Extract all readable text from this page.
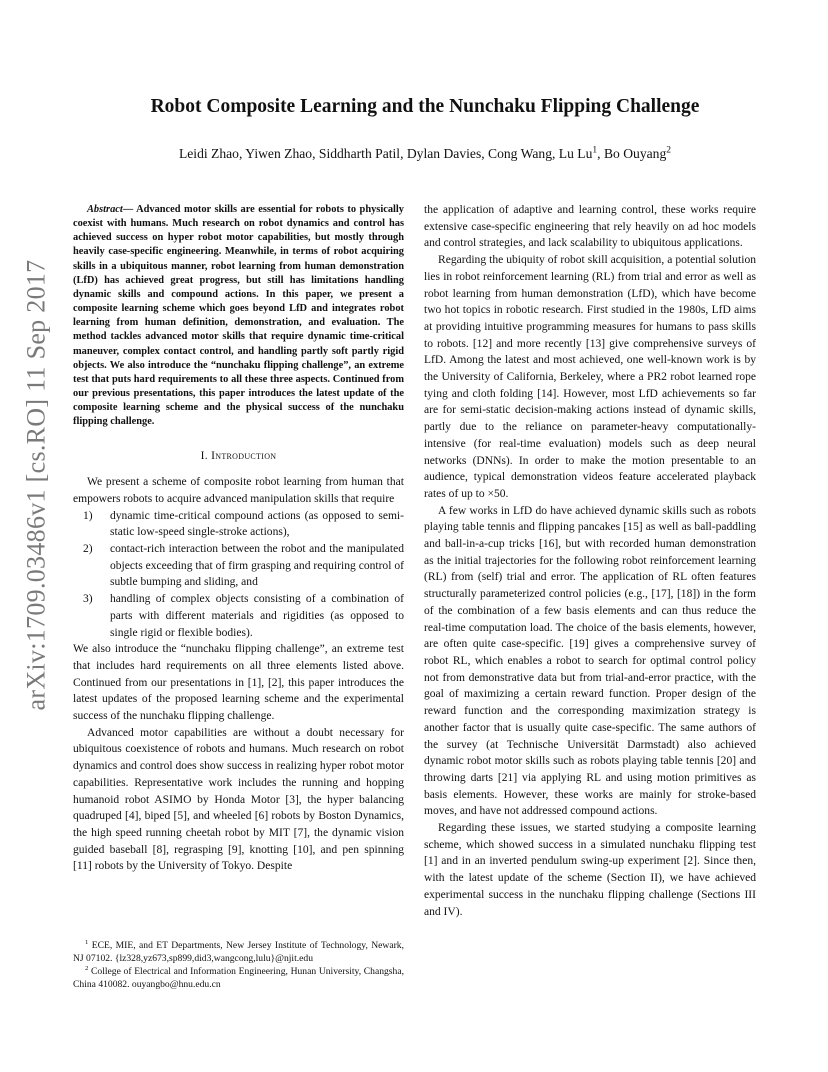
arXiv:1709.03486v1 [cs.RO] 11 Sep 2017
Robot Composite Learning and the Nunchaku Flipping Challenge
Leidi Zhao, Yiwen Zhao, Siddharth Patil, Dylan Davies, Cong Wang, Lu Lu$^1$, Bo Ouyang$^2$

Abstract— Advanced motor skills are essential for robots to physically coexist with humans. Much research on robot dynamics and control has achieved success on hyper robot motor capabilities, but mostly through heavily case-specific engineering. Meanwhile, in terms of robot acquiring skills in a ubiquitous manner, robot learning from human demonstration (LfD) has achieved great progress, but still has limitations handling dynamic skills and compound actions. In this paper, we present a composite learning scheme which goes beyond LfD and integrates robot learning from human definition, demonstration, and evaluation. The method tackles advanced motor skills that require dynamic time-critical maneuver, complex contact control, and handling partly soft partly rigid objects. We also introduce the “nunchaku flipping challenge”, an extreme test that puts hard requirements to all these three aspects. Continued from our previous presentations, this paper introduces the latest update of the composite learning scheme and the physical success of the nunchaku flipping challenge.

I. Introduction

We present a scheme of composite robot learning from human that empowers robots to acquire advanced manipulation skills that require

1) dynamic time-critical compound actions (as opposed to semi-static low-speed single-stroke actions),
2) contact-rich interaction between the robot and the manipulated objects exceeding that of firm grasping and requiring control of subtle bumping and sliding, and
3) handling of complex objects consisting of a combination of parts with different materials and rigidities (as opposed to single rigid or flexible bodies).

We also introduce the “nunchaku flipping challenge”, an extreme test that includes hard requirements on all three elements listed above. Continued from our presentations in [1], [2], this paper introduces the latest updates of the proposed learning scheme and the experimental success of the nunchaku flipping challenge.

Advanced motor capabilities are without a doubt necessary for ubiquitous coexistence of robots and humans. Much research on robot dynamics and control does show success in realizing hyper robot motor capabilities. Representative work includes the running and hopping humanoid robot ASIMO by Honda Motor [3], the hyper balancing quadruped [4], biped [5], and wheeled [6] robots by Boston Dynamics, the high speed running cheetah robot by MIT [7], the dynamic vision guided baseball [8], regrasping [9], knotting [10], and pen spinning [11] robots by the University of Tokyo. Despite

$^1$ ECE, MIE, and ET Departments, New Jersey Institute of Technology, Newark, NJ 07102. {lz328,yz673,sp899,did3,wangcong,lulu}@njit.edu

$^2$ College of Electrical and Information Engineering, Hunan University, Changsha, China 410082. ouyangbo@hnu.edu.cn

the application of adaptive and learning control, these works require extensive case-specific engineering that rely heavily on ad hoc models and control strategies, and lack scalability to ubiquitous applications.

Regarding the ubiquity of robot skill acquisition, a potential solution lies in robot reinforcement learning (RL) from trial and error as well as robot learning from human demonstration (LfD), which have become two hot topics in robotic research. First studied in the 1980s, LfD aims at providing intuitive programming measures for humans to pass skills to robots. [12] and more recently [13] give comprehensive surveys of LfD. Among the latest and most achieved, one well-known work is by the University of California, Berkeley, where a PR2 robot learned rope tying and cloth folding [14]. However, most LfD achievements so far are for semi-static decision-making actions instead of dynamic skills, partly due to the reliance on parameter-heavy computationally-intensive (for real-time evaluation) models such as deep neural networks (DNNs). In order to make the motion presentable to an audience, typical demonstration videos feature accelerated playback rates of up to ×50.

A few works in LfD do have achieved dynamic skills such as robots playing table tennis and flipping pancakes [15] as well as ball-paddling and ball-in-a-cup tricks [16], but with recorded human demonstration as the initial trajectories for the following robot reinforcement learning (RL) from (self) trial and error. The application of RL often features structurally parameterized control policies (e.g., [17], [18]) in the form of the combination of a few basis elements and can thus reduce the real-time computation load. The choice of the basis elements, however, are often quite case-specific. [19] gives a comprehensive survey of robot RL, which enables a robot to search for optimal control policy not from demonstrative data but from trial-and-error practice, with the goal of maximizing a certain reward function. Proper design of the reward function and the corresponding maximization strategy is another factor that is usually quite case-specific. The same authors of the survey (at Technische Universität Darmstadt) also achieved dynamic robot motor skills such as robots playing table tennis [20] and throwing darts [21] via applying RL and using motion primitives as basis elements. However, these works are mainly for stroke-based moves, and have not addressed compound actions.

Regarding these issues, we started studying a composite learning scheme, which showed success in a simulated nunchaku flipping test [1] and in an inverted pendulum swing-up experiment [2]. Since then, with the latest update of the scheme (Section II), we have achieved experimental success in the nunchaku flipping challenge (Sections III and IV).
